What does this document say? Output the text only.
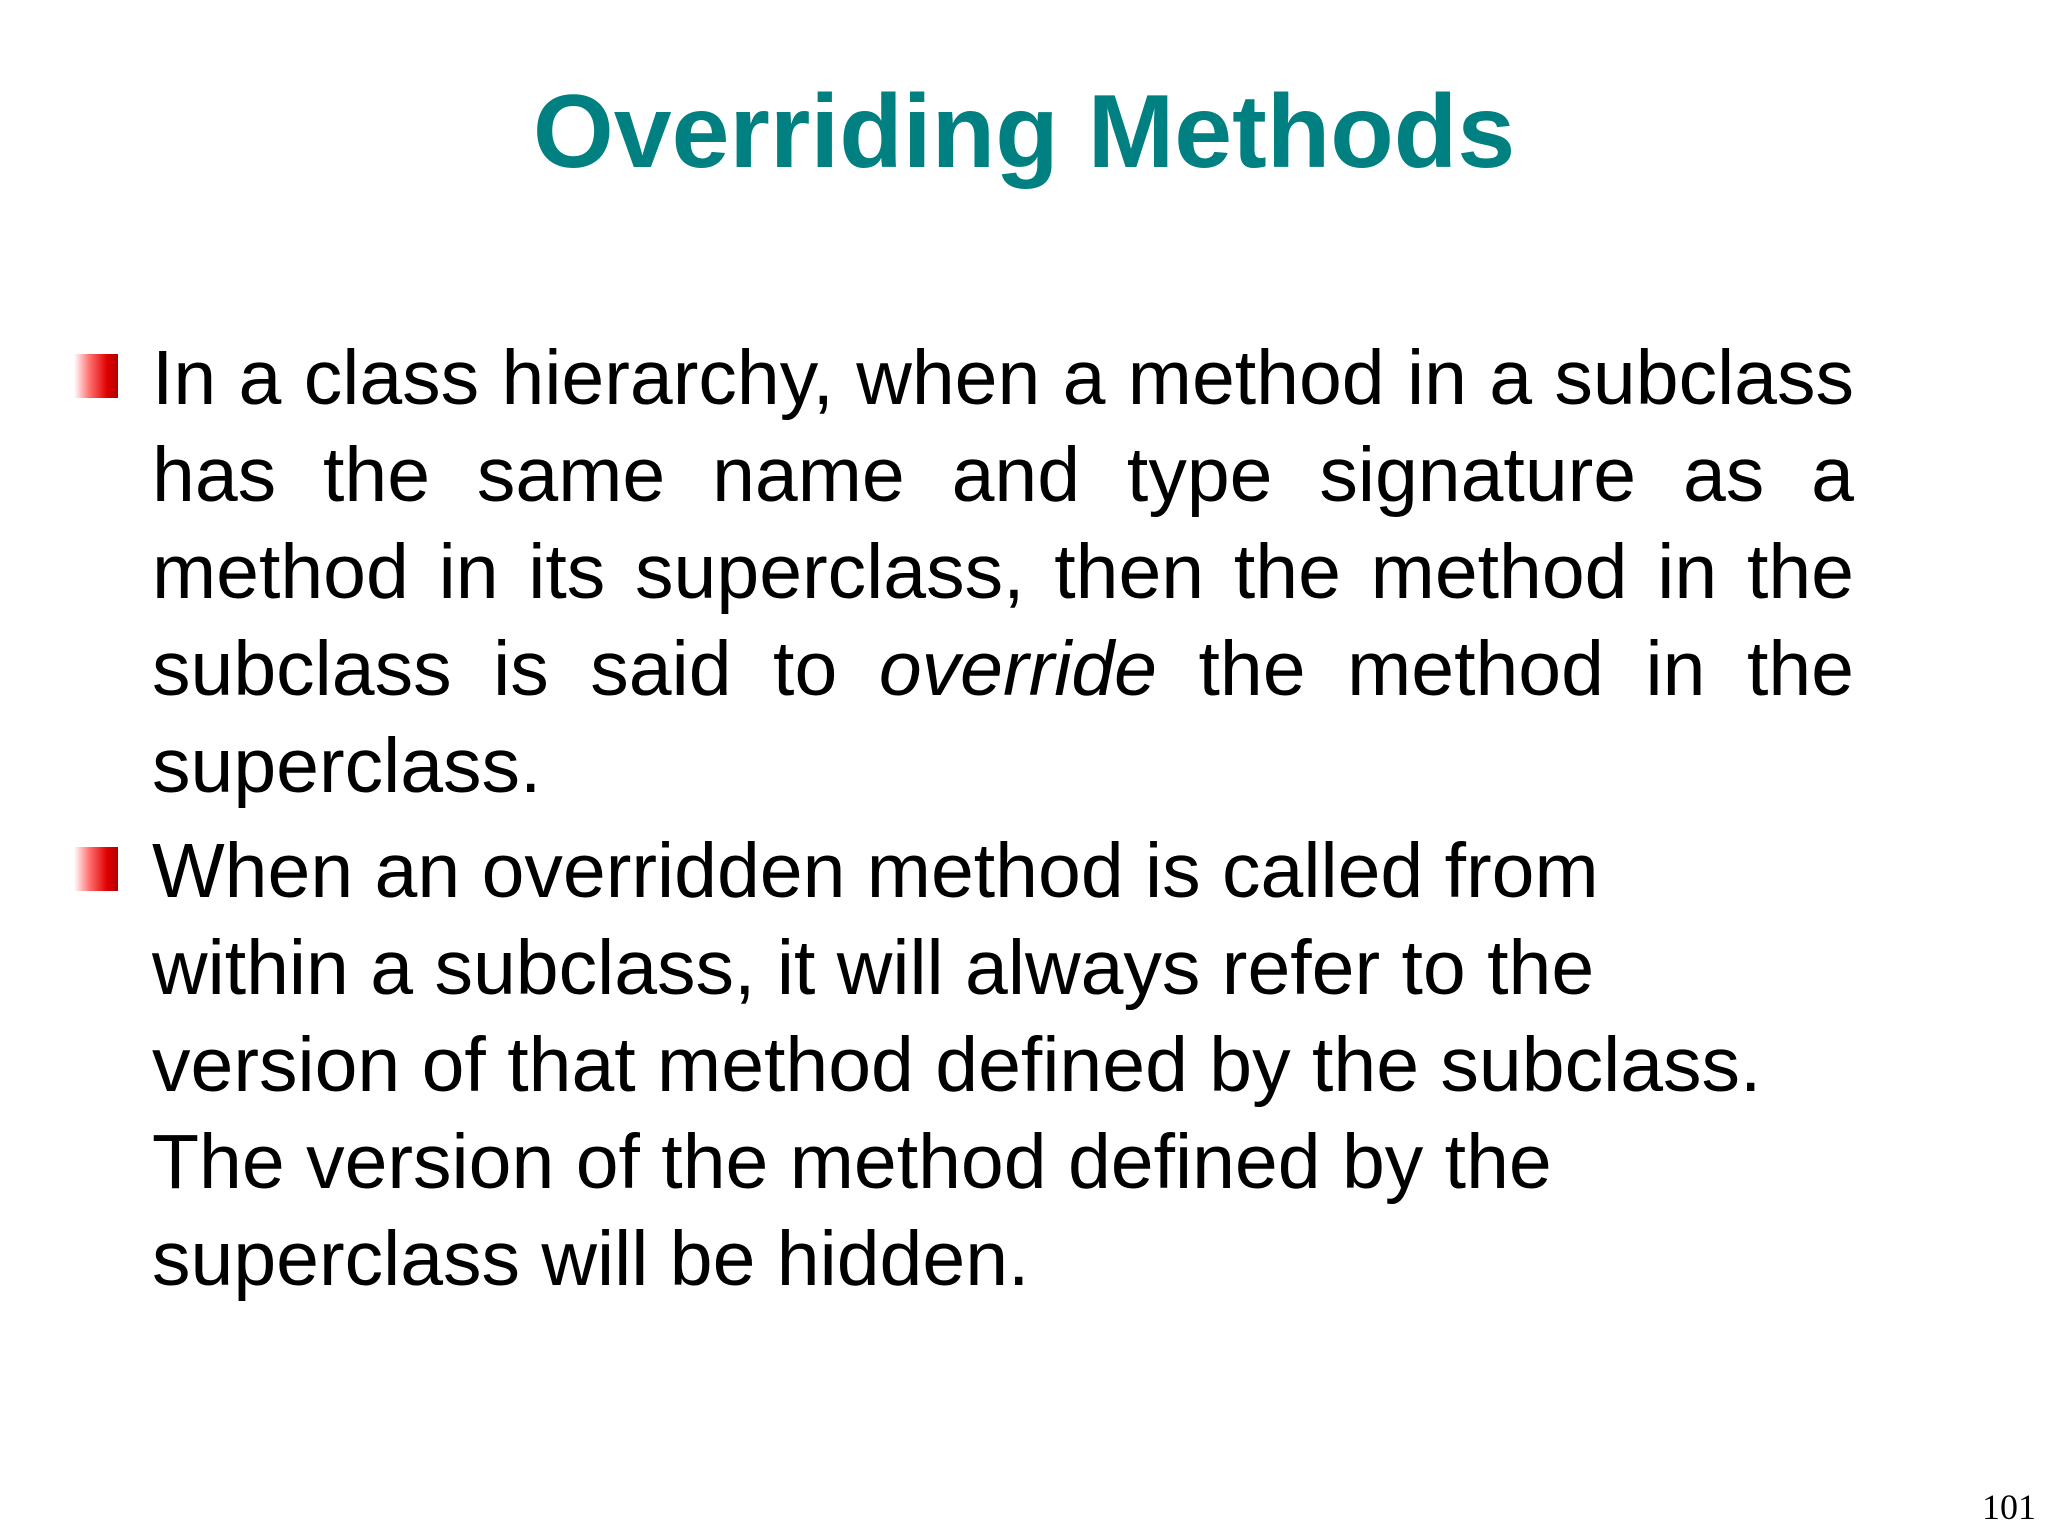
Overriding Methods
In a class hierarchy, when a method in a subclass has the same name and type signature as a method in its superclass, then the method in the subclass is said to override the method in the superclass.
When an overridden method is called from
within a subclass, it will always refer to the
version of that method defined by the subclass.
The version of the method defined by the
superclass will be hidden.
101
